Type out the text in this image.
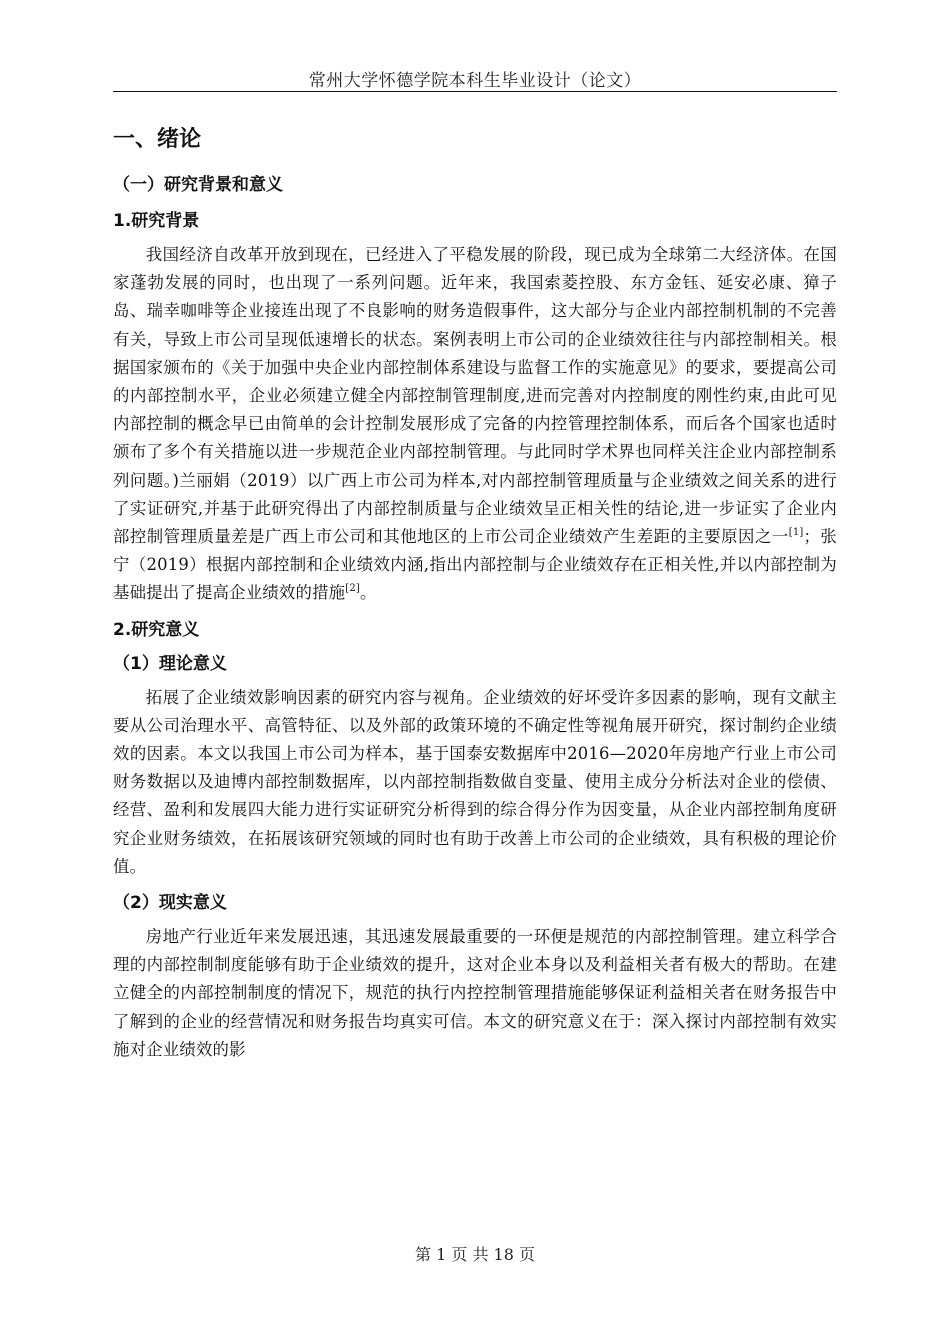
常州大学怀德学院本科生毕业设计（论文）
一、绪论
（一）研究背景和意义
1.研究背景

我国经济自改革开放到现在，已经进入了平稳发展的阶段，现已成为全球第二大经济体。在国家蓬勃发展的同时，也出现了一系列问题。近年来，我国索菱控股、东方金钰、延安必康、獐子岛、瑞幸咖啡等企业接连出现了不良影响的财务造假事件，这大部分与企业内部控制机制的不完善有关，导致上市公司呈现低速增长的状态。案例表明上市公司的企业绩效往往与内部控制相关。根据国家颁布的《关于加强中央企业内部控制体系建设与监督工作的实施意见》的要求，要提高公司的内部控制水平，企业必须建立健全内部控制管理制度,进而完善对内控制度的刚性约束,由此可见内部控制的概念早已由简单的会计控制发展形成了完备的内控管理控制体系，而后各个国家也适时颁布了多个有关措施以进一步规范企业内部控制管理。与此同时学术界也同样关注企业内部控制系列问题。)兰丽娟（2019）以广西上市公司为样本,对内部控制管理质量与企业绩效之间关系的进行了实证研究,并基于此研究得出了内部控制质量与企业绩效呈正相关性的结论,进一步证实了企业内部控制管理质量差是广西上市公司和其他地区的上市公司企业绩效产生差距的主要原因之一[1]；张宁（2019）根据内部控制和企业绩效内涵,指出内部控制与企业绩效存在正相关性,并以内部控制为基础提出了提高企业绩效的措施[2]。

2.研究意义
（1）理论意义

拓展了企业绩效影响因素的研究内容与视角。企业绩效的好坏受许多因素的影响，现有文献主要从公司治理水平、高管特征、以及外部的政策环境的不确定性等视角展开研究，探讨制约企业绩效的因素。本文以我国上市公司为样本，基于国泰安数据库中2016—2020年房地产行业上市公司财务数据以及迪博内部控制数据库，以内部控制指数做自变量、使用主成分分析法对企业的偿债、经营、盈利和发展四大能力进行实证研究分析得到的综合得分作为因变量，从企业内部控制角度研究企业财务绩效，在拓展该研究领域的同时也有助于改善上市公司的企业绩效，具有积极的理论价值。

（2）现实意义

房地产行业近年来发展迅速，其迅速发展最重要的一环便是规范的内部控制管理。建立科学合理的内部控制制度能够有助于企业绩效的提升，这对企业本身以及利益相关者有极大的帮助。在建立健全的内部控制制度的情况下，规范的执行内控控制管理措施能够保证利益相关者在财务报告中了解到的企业的经营情况和财务报告均真实可信。本文的研究意义在于：深入探讨内部控制有效实施对企业绩效的影

第 1 页 共 18 页
